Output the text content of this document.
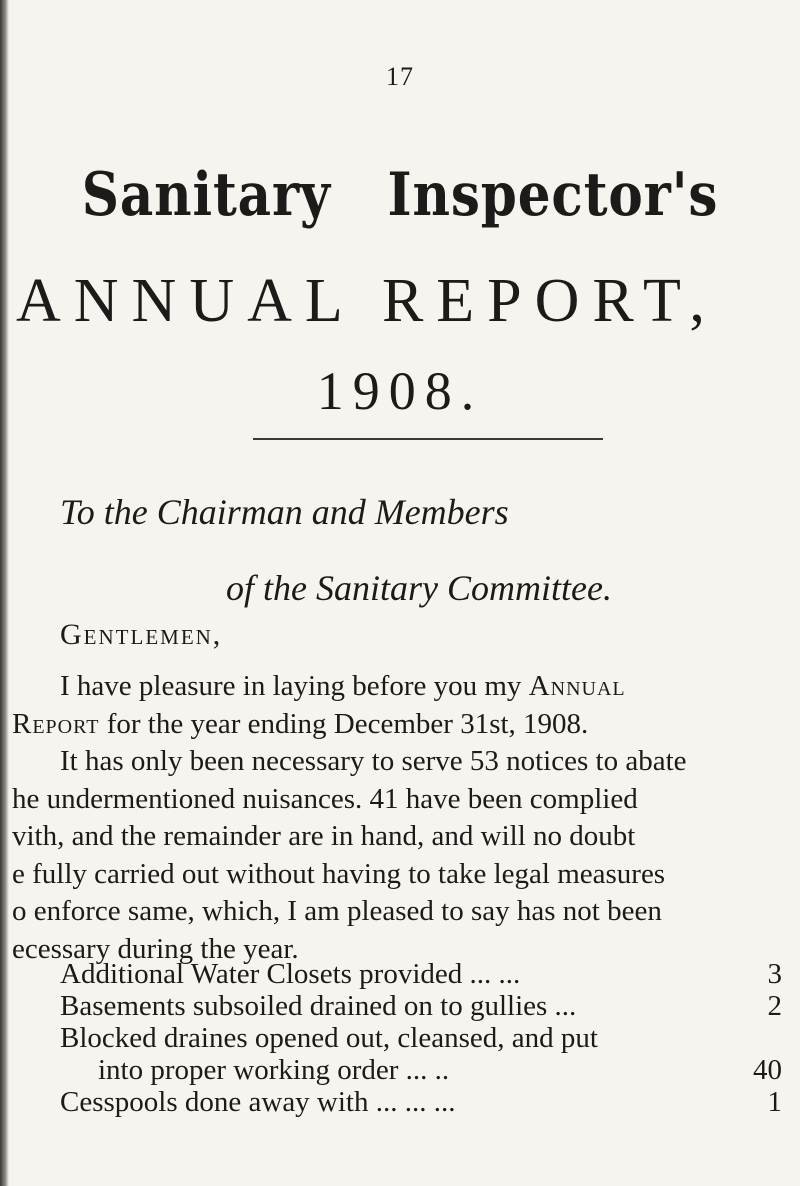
17
Sanitary Inspector's
ANNUAL REPORT,
1908.
To the Chairman and Members
of the Sanitary Committee.
Gentlemen,

I have pleasure in laying before you my Annual

Report for the year ending December 31st, 1908.

It has only been necessary to serve 53 notices to abate

he undermentioned nuisances. 41 have been complied

vith, and the remainder are in hand, and will no doubt

e fully carried out without having to take legal measures

o enforce same, which, I am pleased to say has not been

ecessary during the year.

Additional Water Closets provided ... ...	3
Basements subsoiled drained on to gullies ...	2
Blocked draines opened out, cleansed, and put
into proper working order ... ..	40
Cesspools done away with ... ... ...	1
